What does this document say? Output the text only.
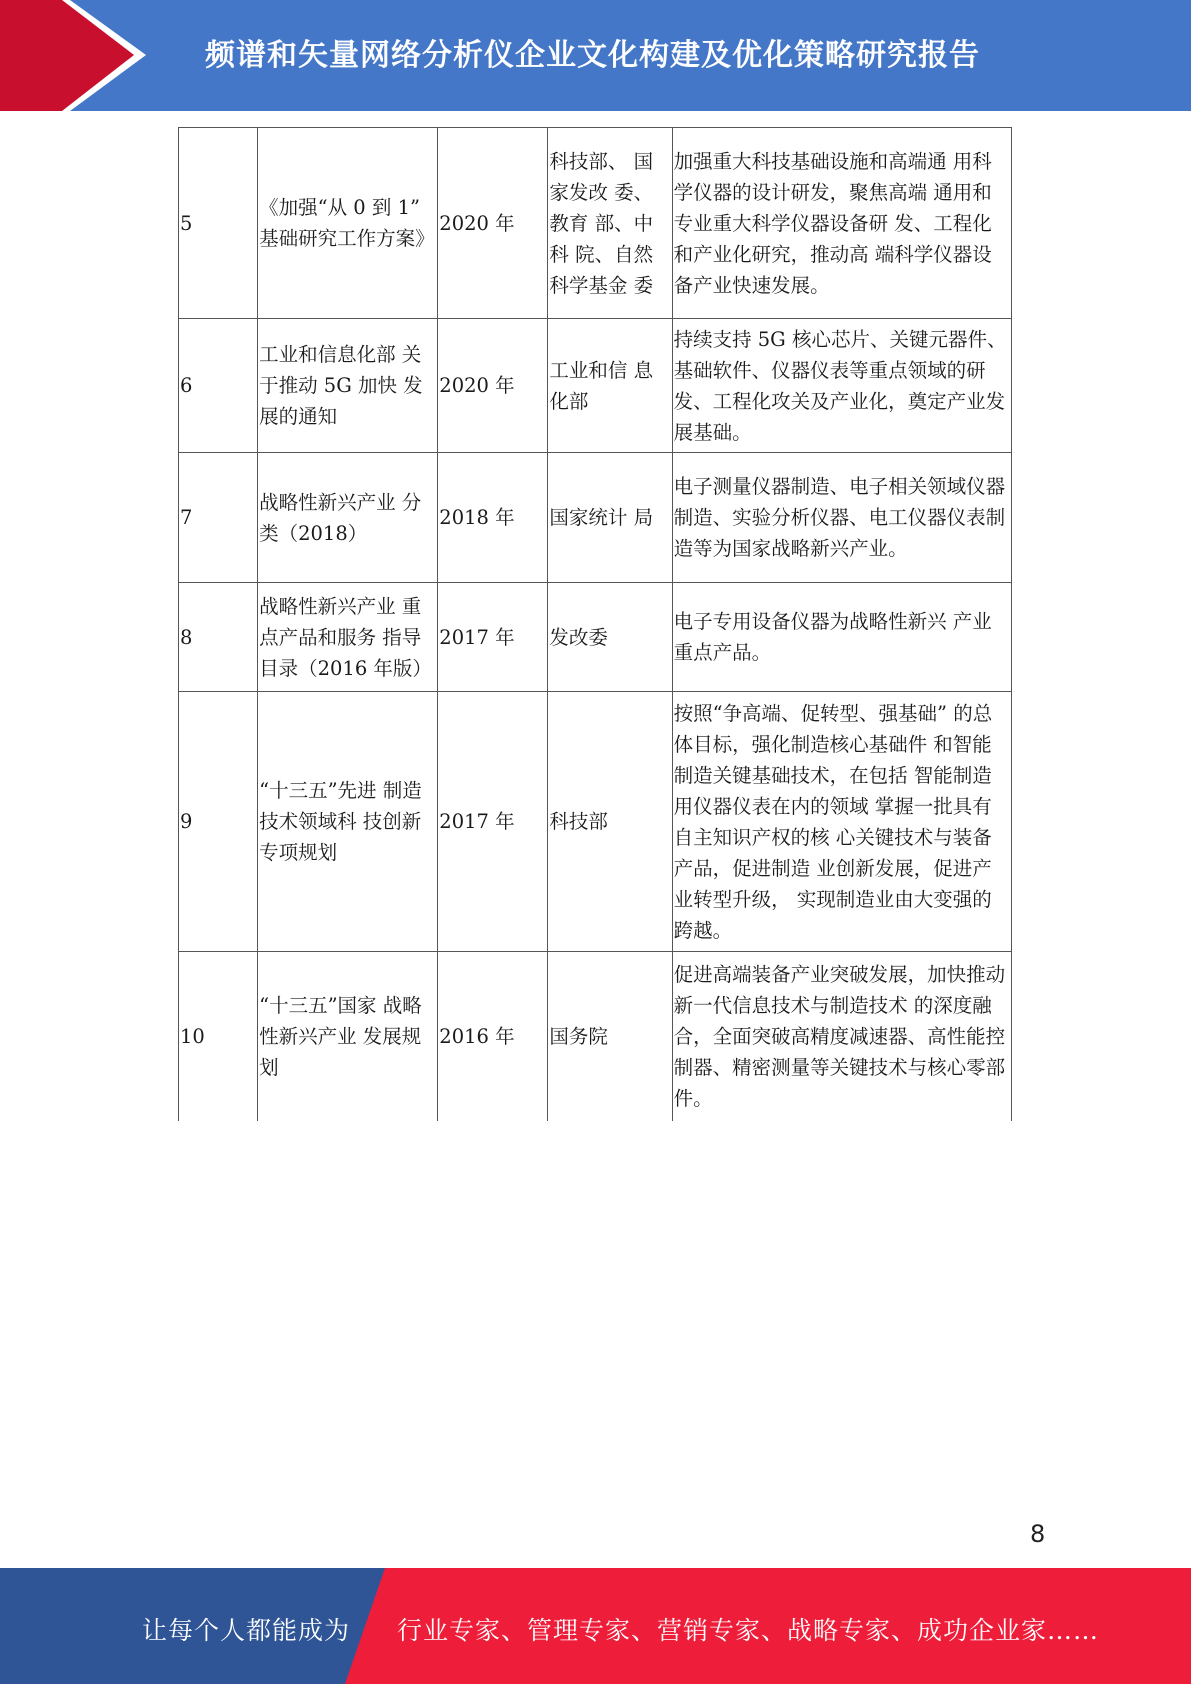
频谱和矢量网络分析仪企业文化构建及优化策略研究报告
5	《加强“从 0 到 1” 基础研究工作方案》	2020 年	科技部、 国家发改 委、教育 部、中科 院、自然 科学基金 委	加强重大科技基础设施和高端通 用科学仪器的设计研发，聚焦高端 通用和专业重大科学仪器设备研 发、工程化和产业化研究，推动高 端科学仪器设备产业快速发展。
6	工业和信息化部 关于推动 5G 加快 发展的通知	2020 年	工业和信 息化部	持续支持 5G 核心芯片、关键元器件、基础软件、仪器仪表等重点领域的研发、工程化攻关及产业化，奠定产业发展基础。
7	战略性新兴产业 分类（2018）	2018 年	国家统计 局	电子测量仪器制造、电子相关领域仪器制造、实验分析仪器、电工仪器仪表制造等为国家战略新兴产业。
8	战略性新兴产业 重点产品和服务 指导目录（2016 年版）	2017 年	发改委	电子专用设备仪器为战略性新兴 产业重点产品。
9	“十三五”先进 制造技术领域科 技创新专项规划	2017 年	科技部	按照“争高端、促转型、强基础” 的总体目标，强化制造核心基础件 和智能制造关键基础技术，在包括 智能制造用仪器仪表在内的领域 掌握一批具有自主知识产权的核 心关键技术与装备产品，促进制造 业创新发展，促进产业转型升级， 实现制造业由大变强的跨越。
10	“十三五”国家 战略性新兴产业 发展规划	2016 年	国务院	促进高端装备产业突破发展，加快推动新一代信息技术与制造技术 的深度融合，全面突破高精度减速器、高性能控制器、精密测量等关键技术与核心零部件。
8
让每个人都能成为 行业专家、管理专家、营销专家、战略专家、成功企业家……
